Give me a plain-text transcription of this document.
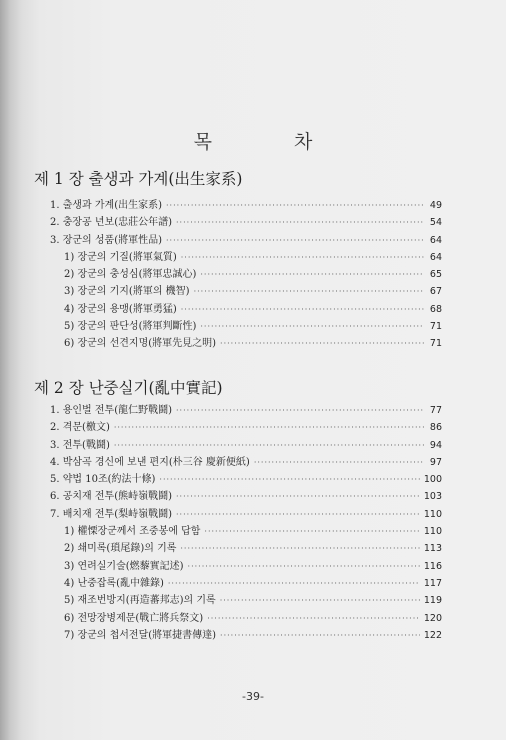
목 차
제 1 장 출생과 가계(出生家系)
1. 출생과 가계(出生家系) ·····	49
2. 충장공 년보(忠莊公年譜) ·····	54
3. 장군의 성품(將軍性品) ·····	64
1) 장군의 기질(將軍氣質) ·····	64
2) 장군의 충성심(將軍忠誠心) ·····	65
3) 장군의 기지(將軍의 機智) ·····	67
4) 장군의 용맹(將軍勇猛) ·····	68
5) 장군의 판단성(將軍判斷性) ·····	71
6) 장군의 선견지명(將軍先見之明) ·····	71
제 2 장 난중실기(亂中實記)
1. 용인벌 전투(龍仁野戰鬪) ·····	77
2. 격문(檄文) ·····	86
3. 전투(戰鬪) ·····	94
4. 박삼곡 경신에 보낸 편지(朴三谷 慶新便紙) ·····	97
5. 약법 10조(約法十條) ·····	100
6. 공치재 전투(熊峙嶺戰鬪) ·····	103
7. 배치재 전투(梨峙嶺戰鬪) ·····	110
1) 權慄장군께서 조중봉에 답함 ·····	110
2) 쇄미록(瑣尾錄)의 기록 ·····	113
3) 연려실기술(燃藜實記述) ·····	116
4) 난중잡록(亂中雜錄) ·····	117
5) 재조번방지(再造蕃邦志)의 기록 ·····	119
6) 전망장병제문(戰亡將兵祭文) ·····	120
7) 장군의 첩서전달(將軍捷書傳達) ·····	122
-39-
